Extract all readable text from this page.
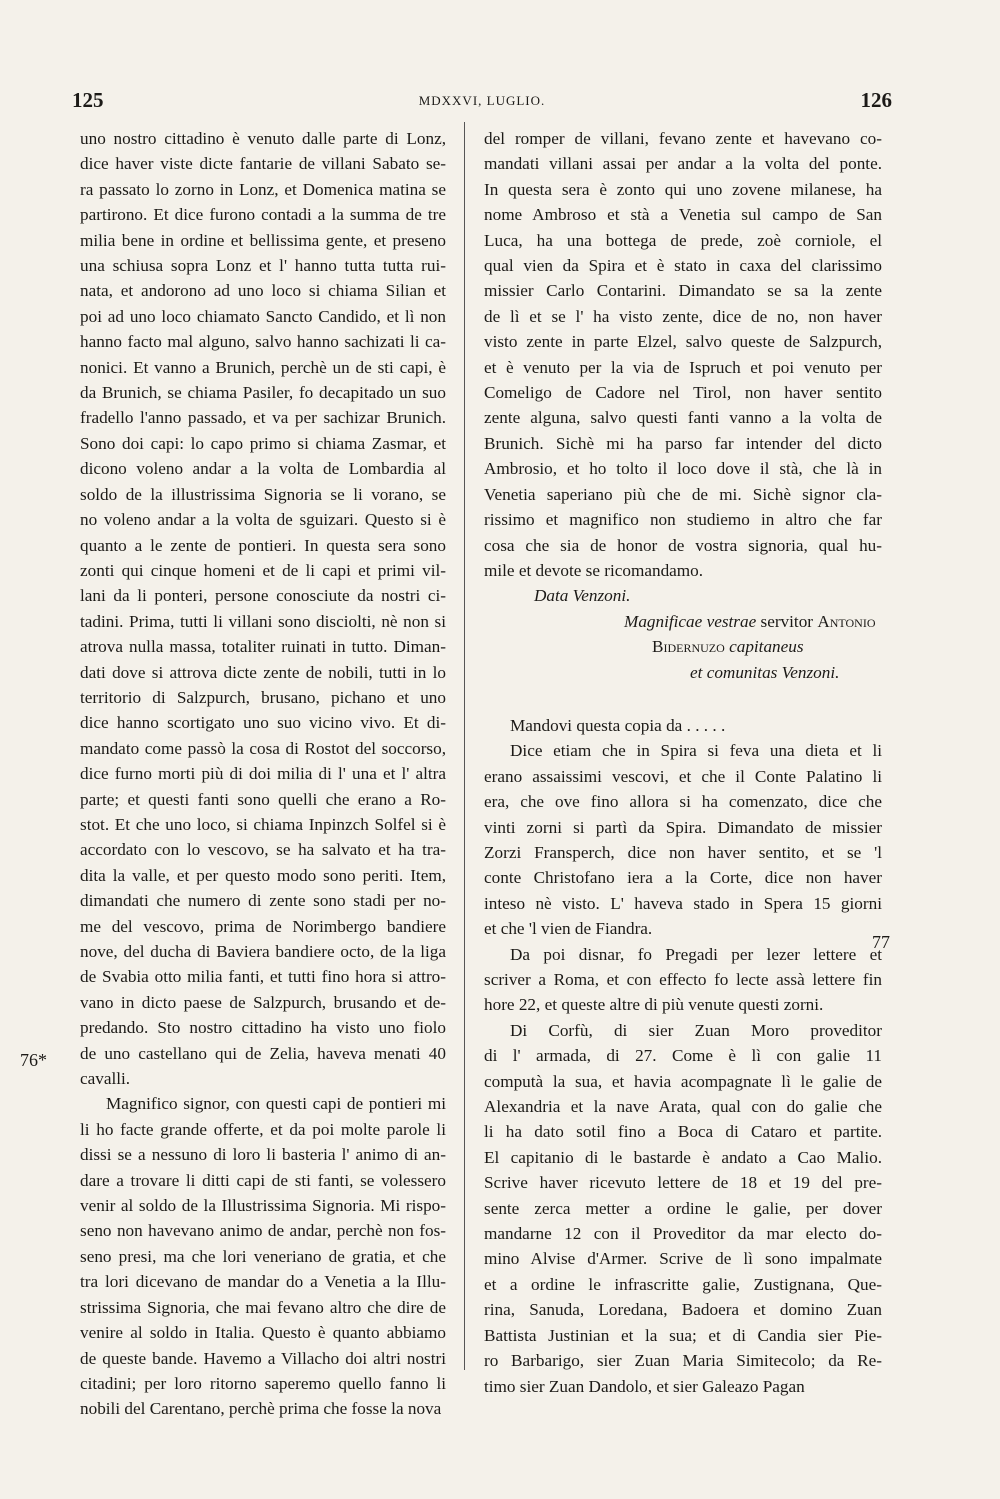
125	MDXXVI, LUGLIO.	126
76*
77

uno nostro cittadino è venuto dalle parte di Lonz,

dice haver viste dicte fantarie de villani Sabato se-

ra passato lo zorno in Lonz, et Domenica matina se

partirono. Et dice furono contadi a la summa de tre

milia bene in ordine et bellissima gente, et preseno

una schiusa sopra Lonz et l' hanno tutta tutta rui-

nata, et andorono ad uno loco si chiama Silian et

poi ad uno loco chiamato Sancto Candido, et lì non

hanno facto mal alguno, salvo hanno sachizati li ca-

nonici. Et vanno a Brunich, perchè un de sti capi, è

da Brunich, se chiama Pasiler, fo decapitado un suo

fradello l'anno passado, et va per sachizar Brunich.

Sono doi capi: lo capo primo si chiama Zasmar, et

dicono voleno andar a la volta de Lombardia al

soldo de la illustrissima Signoria se li vorano, se

no voleno andar a la volta de sguizari. Questo si è

quanto a le zente de pontieri. In questa sera sono

zonti qui cinque homeni et de li capi et primi vil-

lani da li ponteri, persone conosciute da nostri ci-

tadini. Prima, tutti li villani sono disciolti, nè non si

atrova nulla massa, totaliter ruinati in tutto. Diman-

dati dove si attrova dicte zente de nobili, tutti in lo

territorio di Salzpurch, brusano, pichano et uno

dice hanno scortigato uno suo vicino vivo. Et di-

mandato come passò la cosa di Rostot del soccorso,

dice furno morti più di doi milia di l' una et l' altra

parte; et questi fanti sono quelli che erano a Ro-

stot. Et che uno loco, si chiama Inpinzch Solfel si è

accordato con lo vescovo, se ha salvato et ha tra-

dita la valle, et per questo modo sono periti. Item,

dimandati che numero di zente sono stadi per no-

me del vescovo, prima de Norimbergo bandiere

nove, del ducha di Baviera bandiere octo, de la liga

de Svabia otto milia fanti, et tutti fino hora si attro-

vano in dicto paese de Salzpurch, brusando et de-

predando. Sto nostro cittadino ha visto uno fiolo

de uno castellano qui de Zelia, haveva menati 40

cavalli.

Magnifico signor, con questi capi de pontieri mi

li ho facte grande offerte, et da poi molte parole li

dissi se a nessuno di loro li basteria l' animo di an-

dare a trovare li ditti capi de sti fanti, se volessero

venir al soldo de la Illustrissima Signoria. Mi rispo-

seno non havevano animo de andar, perchè non fos-

seno presi, ma che lori veneriano de gratia, et che

tra lori dicevano de mandar do a Venetia a la Illu-

strissima Signoria, che mai fevano altro che dire de

venire al soldo in Italia. Questo è quanto abbiamo

de queste bande. Havemo a Villacho doi altri nostri

citadini; per loro ritorno saperemo quello fanno li

nobili del Carentano, perchè prima che fosse la nova

del romper de villani, fevano zente et havevano co-

mandati villani assai per andar a la volta del ponte.

In questa sera è zonto qui uno zovene milanese, ha

nome Ambroso et stà a Venetia sul campo de San

Luca, ha una bottega de prede, zoè corniole, el

qual vien da Spira et è stato in caxa del clarissimo

missier Carlo Contarini. Dimandato se sa la zente

de lì et se l' ha visto zente, dice de no, non haver

visto zente in parte Elzel, salvo queste de Salzpurch,

et è venuto per la via de Ispruch et poi venuto per

Comeligo de Cadore nel Tirol, non haver sentito

zente alguna, salvo questi fanti vanno a la volta de

Brunich. Sichè mi ha parso far intender del dicto

Ambrosio, et ho tolto il loco dove il stà, che là in

Venetia saperiano più che de mi. Sichè signor cla-

rissimo et magnifico non studiemo in altro che far

cosa che sia de honor de vostra signoria, qual hu-

mile et devote se ricomandamo.

Data Venzoni.

Magnificae vestrae servitor Antonio

Bidernuzo capitaneus

et comunitas Venzoni.

Mandovi questa copia da . . . . .

Dice etiam che in Spira si feva una dieta et li

erano assaissimi vescovi, et che il Conte Palatino li

era, che ove fino allora si ha comenzato, dice che

vinti zorni si partì da Spira. Dimandato de missier

Zorzi Fransperch, dice non haver sentito, et se 'l

conte Christofano iera a la Corte, dice non haver

inteso nè visto. L' haveva stado in Spera 15 giorni

et che 'l vien de Fiandra.

Da poi disnar, fo Pregadi per lezer lettere et

scriver a Roma, et con effecto fo lecte assà lettere fin

hore 22, et queste altre di più venute questi zorni.

Di Corfù, di sier Zuan Moro proveditor

di l' armada, di 27. Come è lì con galie 11

computà la sua, et havia acompagnate lì le galie de

Alexandria et la nave Arata, qual con do galie che

li ha dato sotil fino a Boca di Cataro et partite.

El capitanio di le bastarde è andato a Cao Malio.

Scrive haver ricevuto lettere de 18 et 19 del pre-

sente zerca metter a ordine le galie, per dover

mandarne 12 con il Proveditor da mar electo do-

mino Alvise d'Armer. Scrive de lì sono impalmate

et a ordine le infrascritte galie, Zustignana, Que-

rina, Sanuda, Loredana, Badoera et domino Zuan

Battista Justinian et la sua; et di Candia sier Pie-

ro Barbarigo, sier Zuan Maria Simitecolo; da Re-

timo sier Zuan Dandolo, et sier Galeazo Pagan
